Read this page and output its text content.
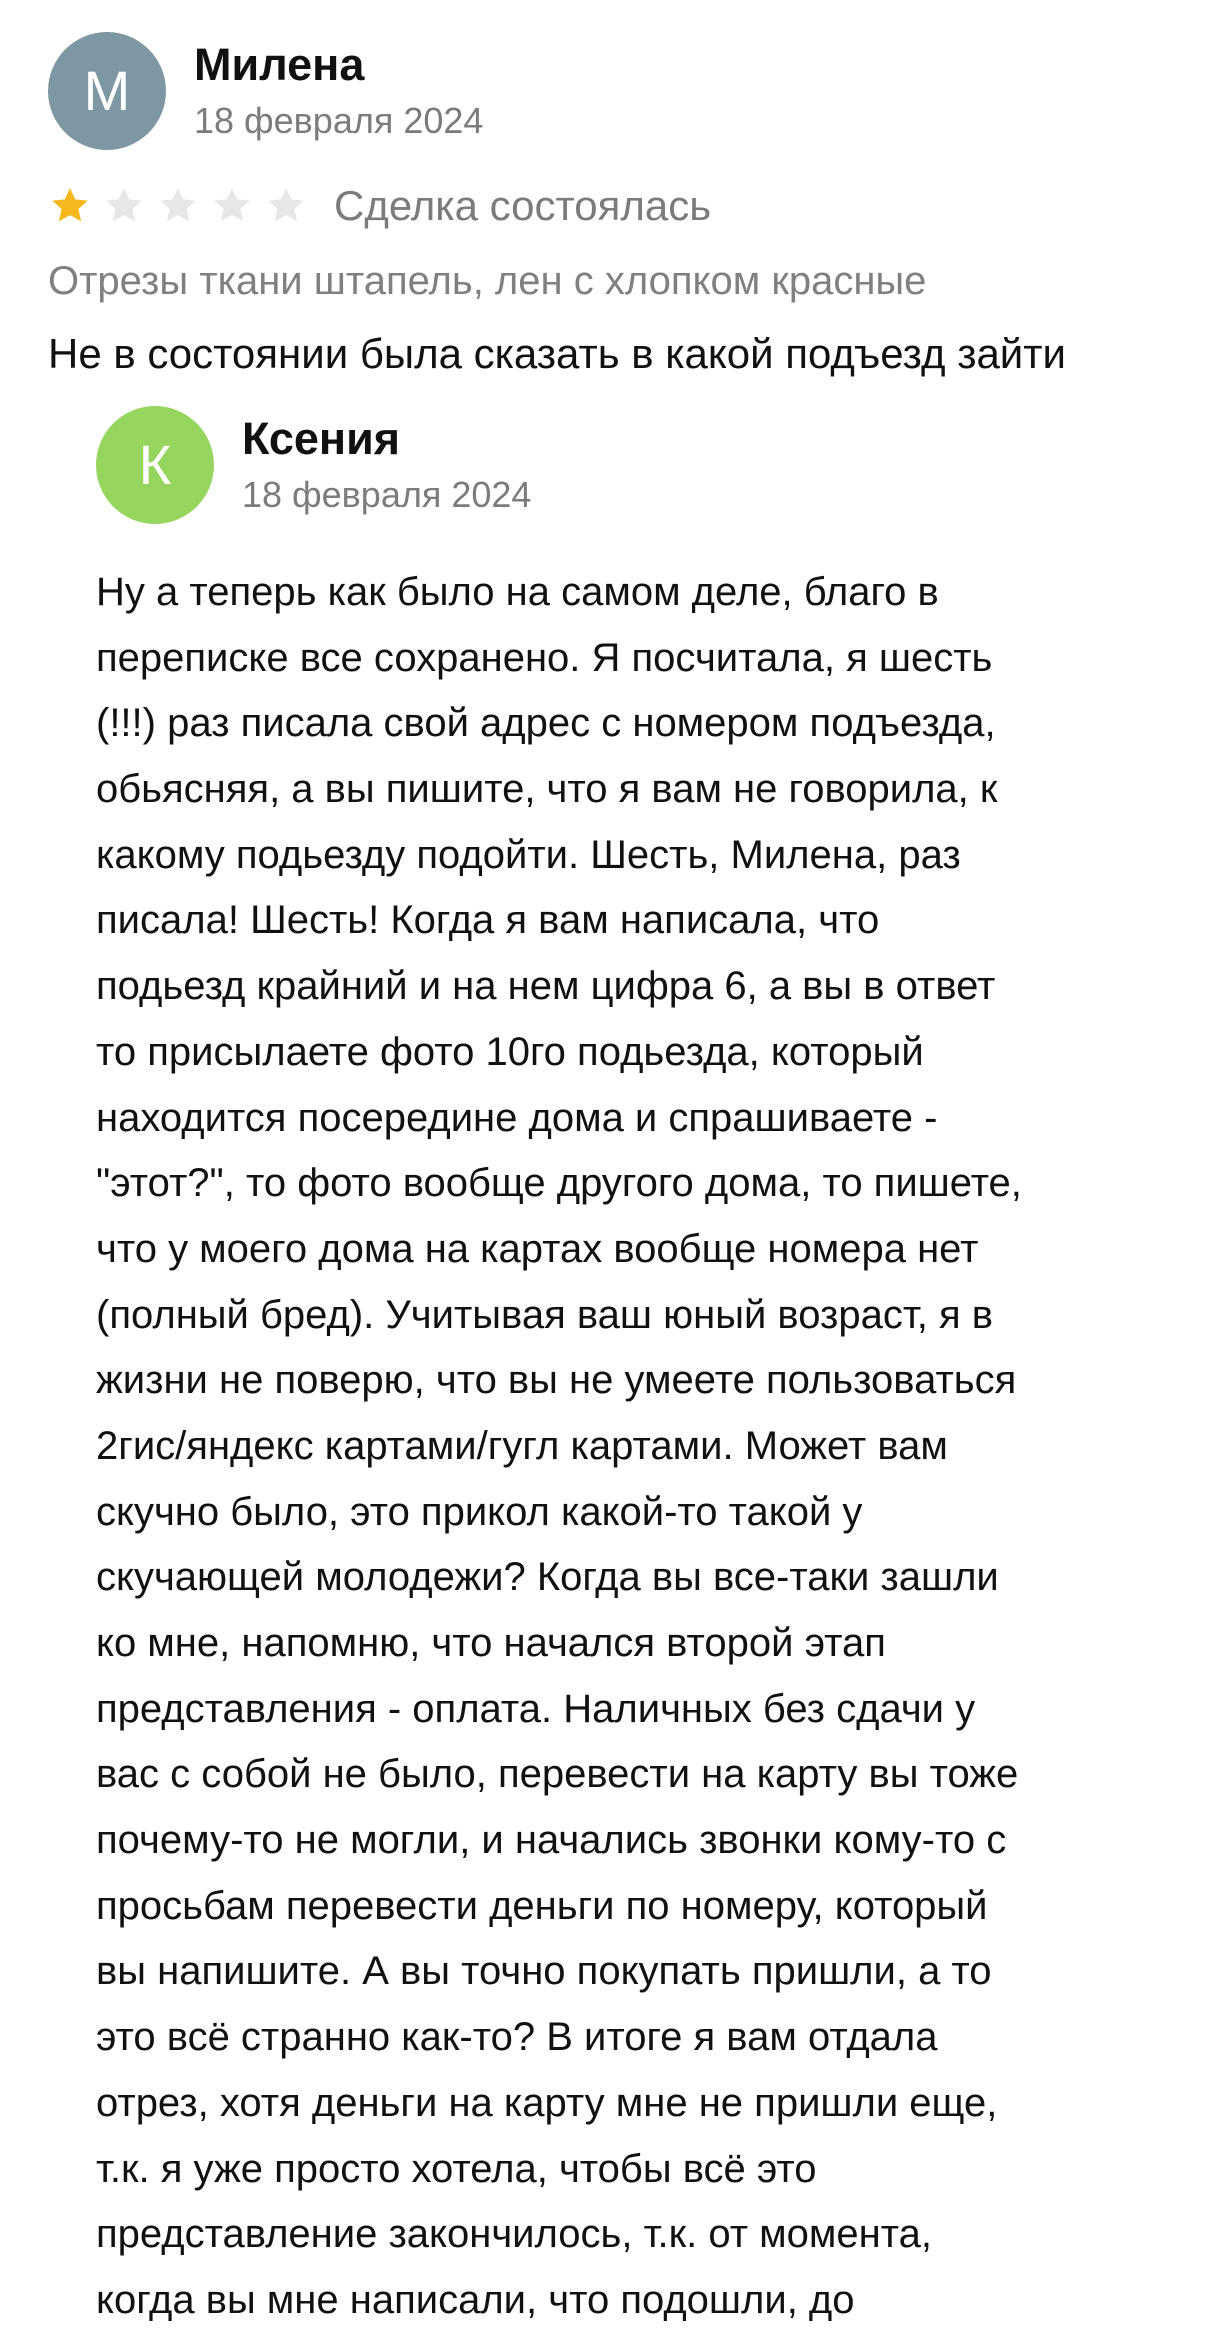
М Милена
18 февраля 2024
Сделка состоялась
Отрезы ткани штапель, лен с хлопком красные
Не в состоянии была сказать в какой подъезд зайти
К Ксения
18 февраля 2024
Ну а теперь как было на самом деле, благо в
переписке все сохранено. Я посчитала, я шесть
(!!!) раз писала свой адрес с номером подъезда,
обьясняя, а вы пишите, что я вам не говорила, к
какому подьезду подойти. Шесть, Милена, раз
писала! Шесть! Когда я вам написала, что
подьезд крайний и на нем цифра 6, а вы в ответ
то присылаете фото 10го подьезда, который
находится посередине дома и спрашиваете -
"этот?", то фото вообще другого дома, то пишете,
что у моего дома на картах вообще номера нет
(полный бред). Учитывая ваш юный возраст, я в
жизни не поверю, что вы не умеете пользоваться
2гис/яндекс картами/гугл картами. Может вам
скучно было, это прикол какой-то такой у
скучающей молодежи? Когда вы все-таки зашли
ко мне, напомню, что начался второй этап
представления - оплата. Наличных без сдачи у
вас с собой не было, перевести на карту вы тоже
почему-то не могли, и начались звонки кому-то с
просьбам перевести деньги по номеру, который
вы напишите. А вы точно покупать пришли, а то
это всё странно как-то? В итоге я вам отдала
отрез, хотя деньги на карту мне не пришли еще,
т.к. я уже просто хотела, чтобы всё это
представление закончилось, т.к. от момента,
когда вы мне написали, что подошли, до
